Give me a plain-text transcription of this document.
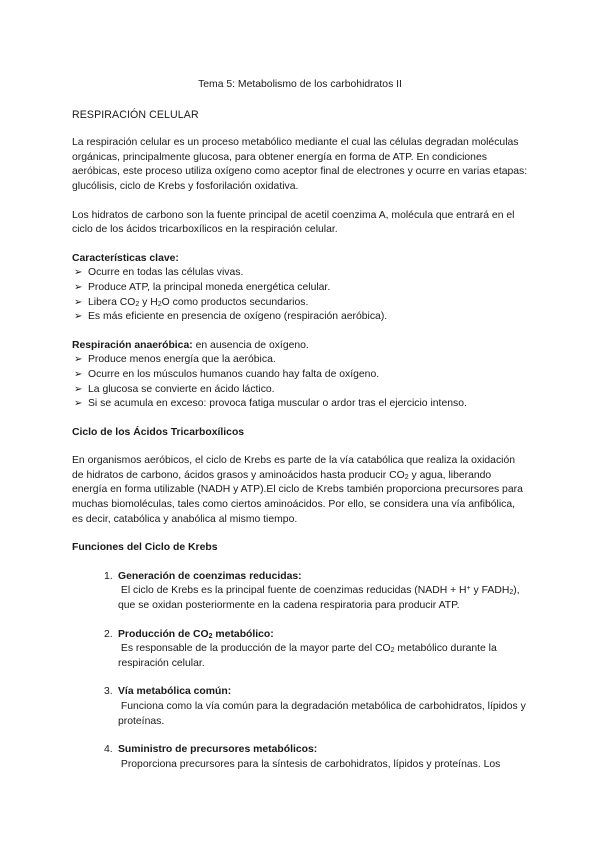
Tema 5: Metabolismo de los carbohidratos II
RESPIRACIÓN CELULAR

La respiración celular es un proceso metabólico mediante el cual las células degradan moléculas orgánicas, principalmente glucosa, para obtener energía en forma de ATP. En condiciones aeróbicas, este proceso utiliza oxígeno como aceptor final de electrones y ocurre en varias etapas: glucólisis, ciclo de Krebs y fosforilación oxidativa.

Los hidratos de carbono son la fuente principal de acetil coenzima A, molécula que entrará en el ciclo de los ácidos tricarboxílicos en la respiración celular.

Características clave:
➢ Ocurre en todas las células vivas.
➢ Produce ATP, la principal moneda energética celular.
➢ Libera $CO_2$ y $H_2O$ como productos secundarios.
➢ Es más eficiente en presencia de oxígeno (respiración aeróbica).
Respiración anaeróbica: en ausencia de oxígeno.
➢ Produce menos energía que la aeróbica.
➢ Ocurre en los músculos humanos cuando hay falta de oxígeno.
➢ La glucosa se convierte en ácido láctico.
➢ Si se acumula en exceso: provoca fatiga muscular o ardor tras el ejercicio intenso.
Ciclo de los Ácidos Tricarboxílicos

En organismos aeróbicos, el ciclo de Krebs es parte de la vía catabólica que realiza la oxidación de hidratos de carbono, ácidos grasos y aminoácidos hasta producir $CO_2$ y agua, liberando energía en forma utilizable (NADH y ATP).El ciclo de Krebs también proporciona precursores para muchas biomoléculas, tales como ciertos aminoácidos. Por ello, se considera una vía anfibólica, es decir, catabólica y anabólica al mismo tiempo.

Funciones del Ciclo de Krebs
1. Generación de coenzimas reducidas:
El ciclo de Krebs es la principal fuente de coenzimas reducidas (NADH + H+ y $FADH_2$), que se oxidan posteriormente en la cadena respiratoria para producir ATP.
2. Producción de $CO_2$ metabólico:
Es responsable de la producción de la mayor parte del $CO_2$ metabólico durante la respiración celular.
3. Vía metabólica común:
Funciona como la vía común para la degradación metabólica de carbohidratos, lípidos y proteínas.
4. Suministro de precursores metabólicos:
Proporciona precursores para la síntesis de carbohidratos, lípidos y proteínas. Los
